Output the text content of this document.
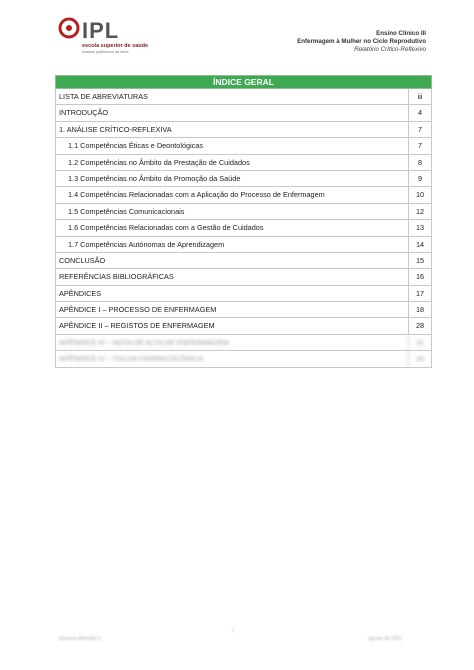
IPL
escola superior de saúde
instituto politécnico de leiria
Ensino Clínico III
Enfermagem à Mulher no Ciclo Reprodutivo
Relatório Crítico-Reflexivo
ÍNDICE GERAL
LISTA DE ABREVIATURAS	iii
INTRODUÇÃO	4
1. ANÁLISE CRÍTICO-REFLEXIVA	7
1.1 Competências Éticas e Deontológicas	7
1.2 Competências no Âmbito da Prestação de Cuidados	8
1.3 Competências no Âmbito da Promoção da Saúde	9
1.4 Competências Relacionadas com a Aplicação do Processo de Enfermagem	10
1.5 Competências Comunicacionais	12
1.6 Competências Relacionadas com a Gestão de Cuidados	13
1.7 Competências Autónomas de Aprendizagem	14
CONCLUSÃO	15
REFERÊNCIAS BIBLIOGRÁFICAS	16
APÊNDICES	17
APÊNDICE I – PROCESSO DE ENFERMAGEM	18
APÊNDICE II – REGISTOS DE ENFERMAGEM	28
APÊNDICE III – NOTA DE ALTA DE ENFERMAGEM	31
APÊNDICE IV – FOLHA FARMACOLÓGICA	33
Vanessa Almeida 3
ii
agosto de 2011
